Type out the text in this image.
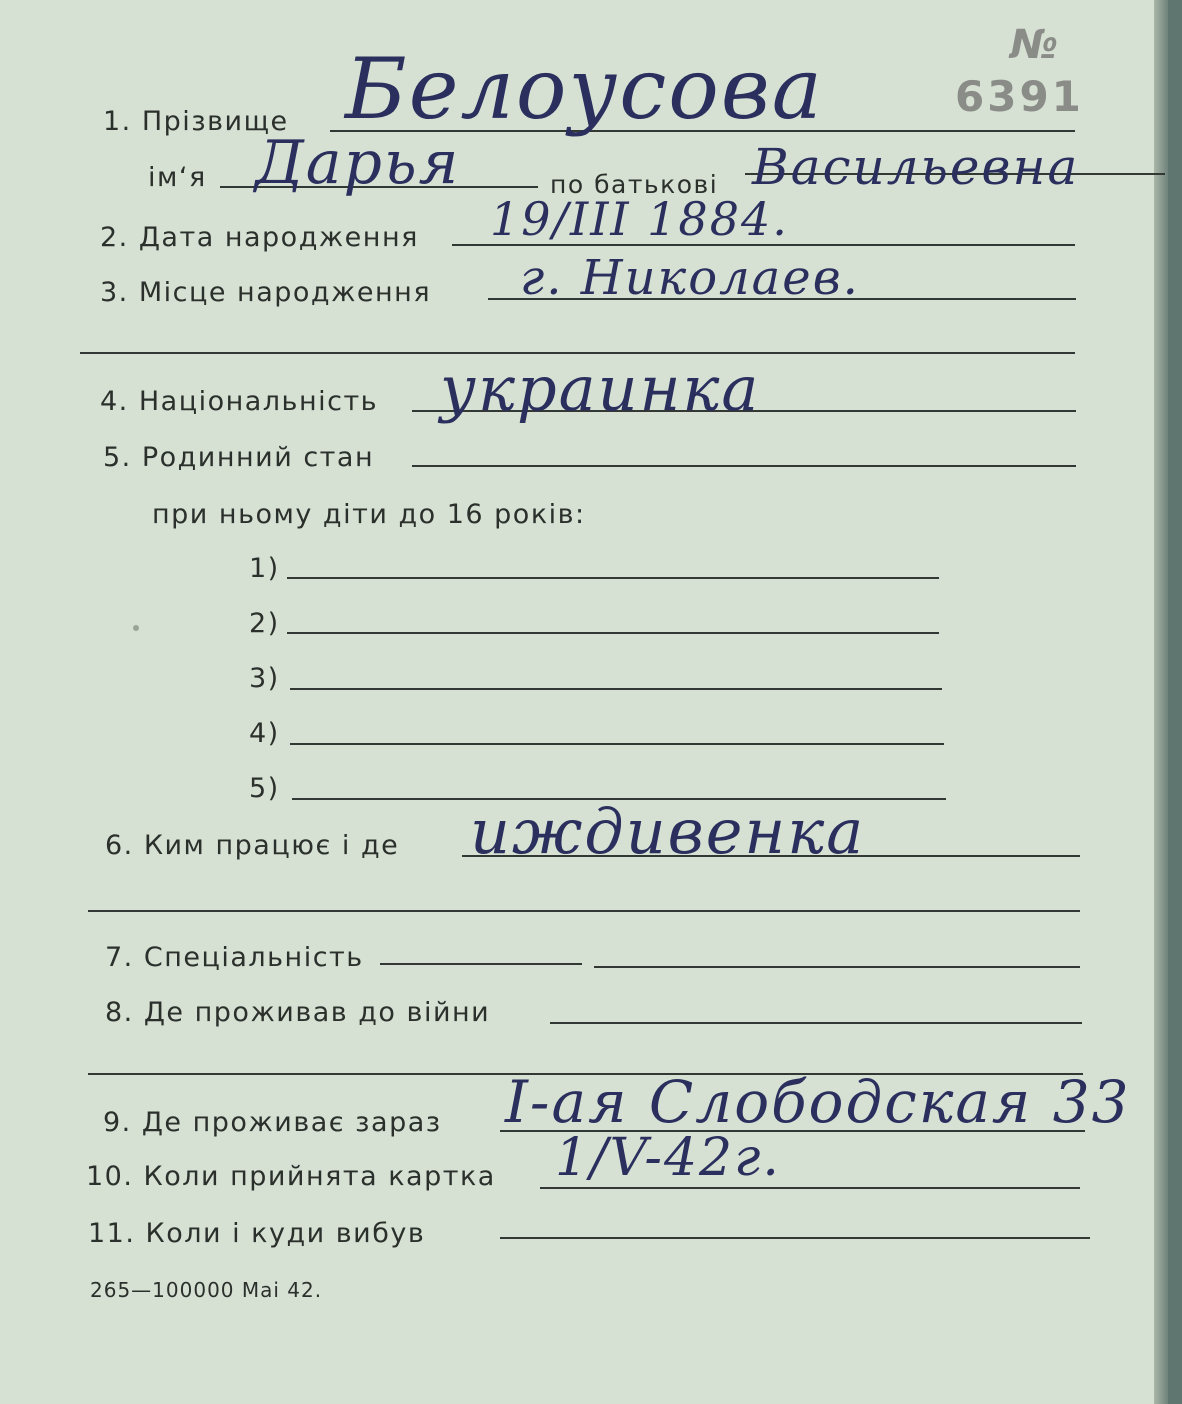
№
6391
1. Прізвище Белоусова
ім‘я Дарья	по батькові Васильевна
2. Дата народження 19/III 1884.
3. Місце народження г. Николаев.
4. Національність украинка
5. Родинний стан
при ньому діти до 16 років:
1)
2)
3)
4)
5)
6. Ким працює і де иждивенка
7. Спеціальність
8. Де проживав до війни
9. Де проживає зараз I-ая Слободская 33
10. Коли прийнята картка 1/V-42г.
11. Коли і куди вибув
265—100000 Mai 42.
